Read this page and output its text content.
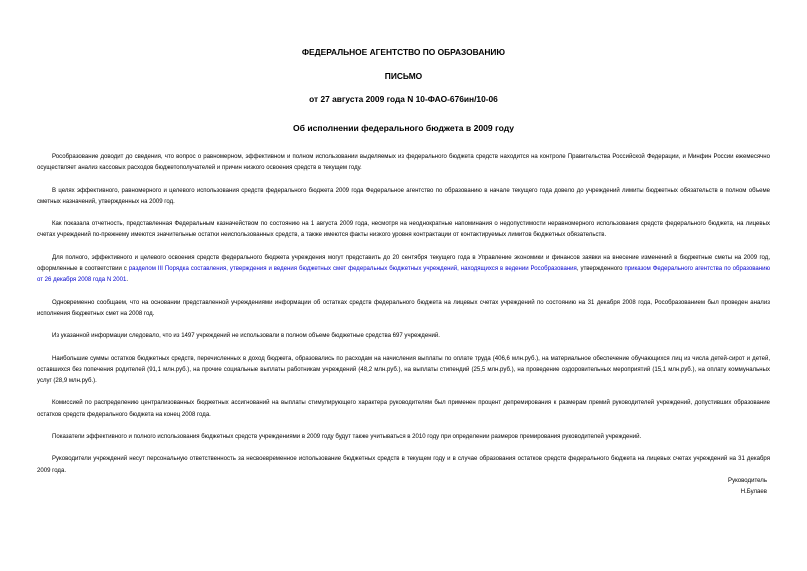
ФЕДЕРАЛЬНОЕ АГЕНТСТВО ПО ОБРАЗОВАНИЮ
ПИСЬМО
от 27 августа 2009 года N 10-ФАО-676ин/10-06
Об исполнении федерального бюджета в 2009 году

Рособразование доводит до сведения, что вопрос о равномерном, эффективном и полном использовании выделяемых из федерального бюджета средств находится на контроле Правительства Российской Федерации, и Минфин России ежемесячно осуществляет анализ кассовых расходов бюджетополучателей и причин низкого освоения средств в текущем году.

В целях эффективного, равномерного и целевого использования средств федерального бюджета 2009 года Федеральное агентство по образованию в начале текущего года довело до учреждений лимиты бюджетных обязательств в полном объеме сметных назначений, утвержденных на 2009 год.

Как показала отчетность, представленная Федеральным казначейством по состоянию на 1 августа 2009 года, несмотря на неоднократные напоминания о недопустимости неравномерного использования средств федерального бюджета, на лицевых счетах учреждений по-прежнему имеются значительные остатки неиспользованных средств, а также имеются факты низкого уровня контрактации от контактируемых лимитов бюджетных обязательств.

Для полного, эффективного и целевого освоения средств федерального бюджета учреждения могут представить до 20 сентября текущего года в Управление экономики и финансов заявки на внесение изменений в бюджетные сметы на 2009 год, оформленные в соответствии с разделом III Порядка составления, утверждения и ведения бюджетных смет федеральных бюджетных учреждений, находящихся в ведении Рособразования, утвержденного приказом Федерального агентства по образованию от 26 декабря 2008 года N 2001.

Одновременно сообщаем, что на основании представленной учреждениями информации об остатках средств федерального бюджета на лицевых счетах учреждений по состоянию на 31 декабря 2008 года, Рособразованием был проведен анализ исполнения бюджетных смет на 2008 год.

Из указанной информации следовало, что из 1497 учреждений не использовали в полном объеме бюджетные средства 697 учреждений.

Наибольшие суммы остатков бюджетных средств, перечисленных в доход бюджета, образовались по расходам на начисления выплаты по оплате труда (406,6 млн.руб.), на материальное обеспечение обучающихся лиц из числа детей-сирот и детей, оставшихся без попечения родителей (91,1 млн.руб.), на прочие социальные выплаты работникам учреждений (48,2 млн.руб.), на выплаты стипендий (25,5 млн.руб.), на проведение оздоровительных мероприятий (15,1 млн.руб.), на оплату коммунальных услуг (28,9 млн.руб.).

Комиссией по распределению централизованных бюджетных ассигнований на выплаты стимулирующего характера руководителям был применен процент депремирования к размерам премий руководителей учреждений, допустивших образование остатков средств федерального бюджета на конец 2008 года.

Показатели эффективного и полного использования бюджетных средств учреждениями в 2009 году будут также учитываться в 2010 году при определении размеров премирования руководителей учреждений.

Руководители учреждений несут персональную ответственность за несвоевременное использование бюджетных средств в текущем году и в случае образования остатков средств федерального бюджета на лицевых счетах учреждений на 31 декабря 2009 года.

Руководитель
Н.Булаев
